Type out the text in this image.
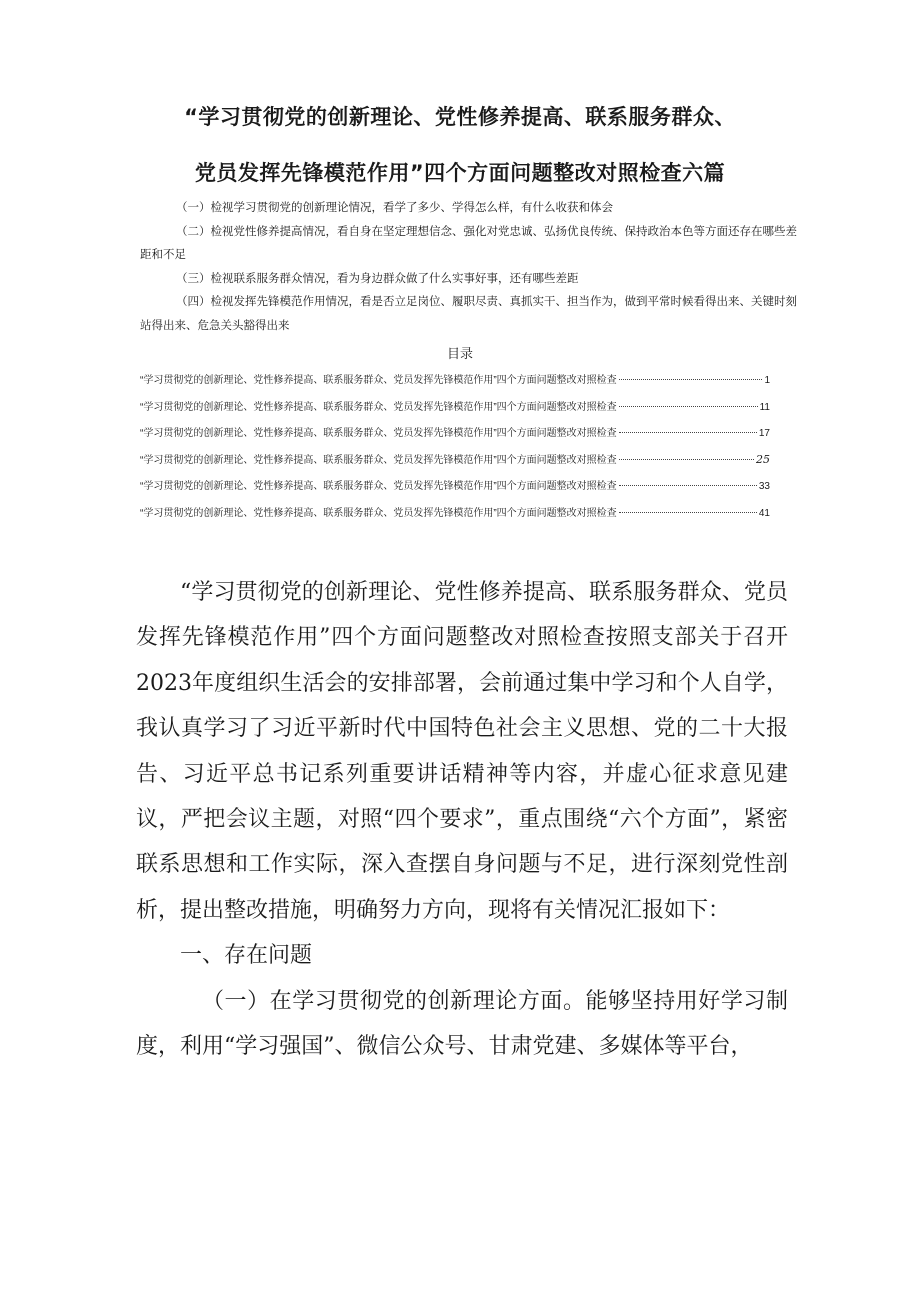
“学习贯彻党的创新理论、党性修养提高、联系服务群众、
党员发挥先锋模范作用”四个方面问题整改对照检查六篇
（一）检视学习贯彻党的创新理论情况，看学了多少、学得怎么样，有什么收获和体会
（二）检视党性修养提高情况，看自身在坚定理想信念、强化对党忠诚、弘扬优良传统、保持政治本色等方面还存在哪些差距和不足
（三）检视联系服务群众情况，看为身边群众做了什么实事好事，还有哪些差距
（四）检视发挥先锋模范作用情况，看是否立足岗位、履职尽责、真抓实干、担当作为，做到平常时候看得出来、关键时刻站得出来、危急关头豁得出来
目录
“学习贯彻党的创新理论、党性修养提高、联系服务群众、党员发挥先锋模范作用”四个方面问题整改对照检查	1
“学习贯彻党的创新理论、党性修养提高、联系服务群众、党员发挥先锋模范作用”四个方面问题整改对照检查	11
“学习贯彻党的创新理论、党性修养提高、联系服务群众、党员发挥先锋模范作用”四个方面问题整改对照检查	17
“学习贯彻党的创新理论、党性修养提高、联系服务群众、党员发挥先锋模范作用”四个方面问题整改对照检查	25
“学习贯彻党的创新理论、党性修养提高、联系服务群众、党员发挥先锋模范作用”四个方面问题整改对照检查	33
“学习贯彻党的创新理论、党性修养提高、联系服务群众、党员发挥先锋模范作用”四个方面问题整改对照检查	41

“学习贯彻党的创新理论、党性修养提高、联系服务群众、党员发挥先锋模范作用”四个方面问题整改对照检查按照支部关于召开2023年度组织生活会的安排部署，会前通过集中学习和个人自学，我认真学习了习近平新时代中国特色社会主义思想、党的二十大报告、习近平总书记系列重要讲话精神等内容，并虚心征求意见建议，严把会议主题，对照“四个要求”，重点围绕“六个方面”，紧密联系思想和工作实际，深入查摆自身问题与不足，进行深刻党性剖析，提出整改措施，明确努力方向，现将有关情况汇报如下：

一、存在问题

（一）在学习贯彻党的创新理论方面。能够坚持用好学习制度，利用“学习强国”、微信公众号、甘肃党建、多媒体等平台，
